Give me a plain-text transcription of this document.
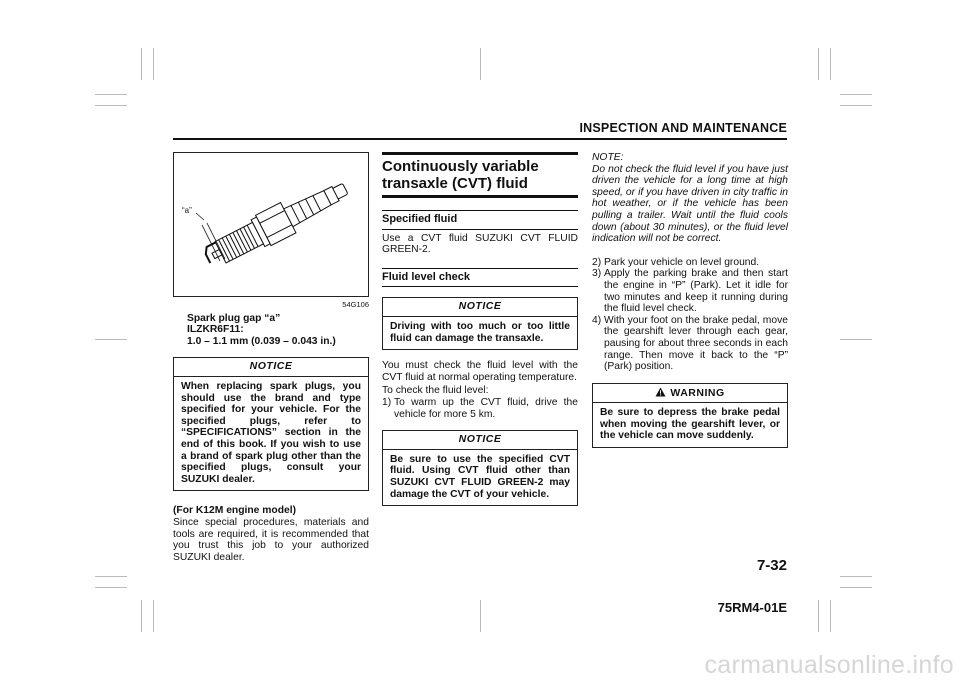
INSPECTION AND MAINTENANCE
“a”
54G106
Spark plug gap “a”
ILZKR6F11:
1.0 – 1.1 mm (0.039 – 0.043 in.)
NOTICE
When replacing spark plugs, you should use the brand and type specified for your vehicle. For the specified plugs, refer to “SPECIFICATIONS” section in the end of this book. If you wish to use a brand of spark plug other than the specified plugs, consult your SUZUKI dealer.

(For K12M engine model)

Since special procedures, materials and tools are required, it is recommended that you trust this job to your authorized SUZUKI dealer.

Continuously variable transaxle (CVT) fluid
Specified fluid

Use a CVT fluid SUZUKI CVT FLUID GREEN-2.

Fluid level check
NOTICE
Driving with too much or too little fluid can damage the transaxle.

You must check the fluid level with the CVT fluid at normal operating temperature.

To check the fluid level:

1) To warm up the CVT fluid, drive the vehicle for more 5 km.
NOTICE
Be sure to use the specified CVT fluid. Using CVT fluid other than SUZUKI CVT FLUID GREEN-2 may damage the CVT of your vehicle.

NOTE:

Do not check the fluid level if you have just driven the vehicle for a long time at high speed, or if you have driven in city traffic in hot weather, or if the vehicle has been pulling a trailer. Wait until the fluid cools down (about 30 minutes), or the fluid level indication will not be correct.

2) Park your vehicle on level ground.
3) Apply the parking brake and then start the engine in “P” (Park). Let it idle for two minutes and keep it running during the fluid level check.
4) With your foot on the brake pedal, move the gearshift lever through each gear, pausing for about three seconds in each range. Then move it back to the “P” (Park) position.
WARNING
Be sure to depress the brake pedal when moving the gearshift lever, or the vehicle can move suddenly.
7-32
75RM4-01E
carmanualsonline.info
